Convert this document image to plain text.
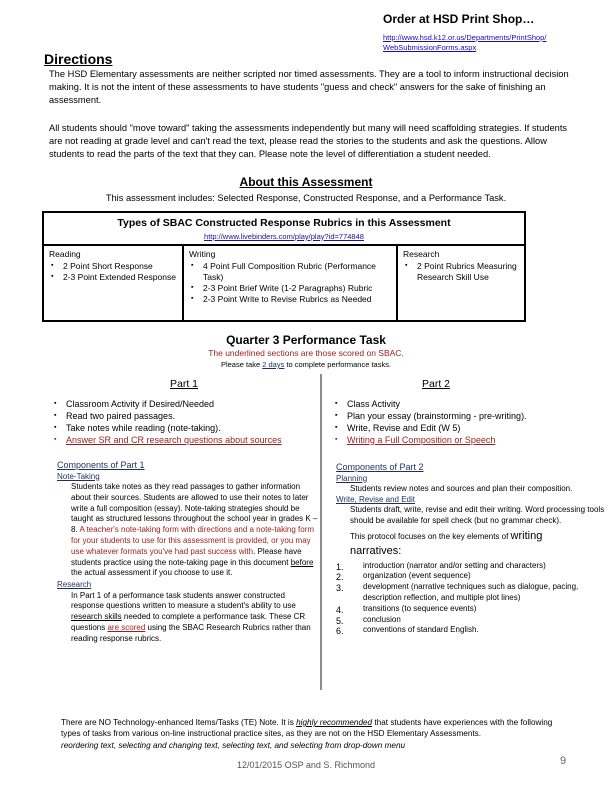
Order at HSD Print Shop…
http://www.hsd.k12.or.us/Departments/PrintShop/
WebSubmissionForms.aspx
Directions

The HSD Elementary assessments are neither scripted nor timed assessments. They are a tool to inform instructional decision making. It is not the intent of these assessments to have students "guess and check" answers for the sake of finishing an assessment.

All students should "move toward" taking the assessments independently but many will need scaffolding strategies. If students are not reading at grade level and can't read the text, please read the stories to the students and ask the questions. Allow students to read the parts of the text that they can. Please note the level of differentiation a student needed.

About this Assessment
This assessment includes: Selected Response, Constructed Response, and a Performance Task.
Types of SBAC Constructed Response Rubrics in this Assessment
http://www.livebinders.com/play/play?id=774848
Reading
▪ 2 Point Short Response
▪ 2-3 Point Extended Response
Writing
▪ 4 Point Full Composition Rubric (Performance Task)
▪ 2-3 Point Brief Write (1-2 Paragraphs) Rubric
▪ 2-3 Point Write to Revise Rubrics as Needed
Research
▪ 2 Point Rubrics Measuring Research Skill Use
Quarter 3 Performance Task
The underlined sections are those scored on SBAC.
Please take 2 days to complete performance tasks.
Part 1
▪ Classroom Activity if Desired/Needed
▪ Read two paired passages.
▪ Take notes while reading (note-taking).
▪ Answer SR and CR research questions about sources
Components of Part 1
Note-Taking
Students take notes as they read passages to gather information about their sources. Students are allowed to use their notes to later write a full composition (essay). Note-taking strategies should be taught as structured lessons throughout the school year in grades K – 8. A teacher's note-taking form with directions and a note-taking form for your students to use for this assessment is provided, or you may use whatever formats you've had past success with. Please have students practice using the note-taking page in this document before the actual assessment if you choose to use it.
Research
In Part 1 of a performance task students answer constructed response questions written to measure a student's ability to use research skills needed to complete a performance task. These CR questions are scored using the SBAC Research Rubrics rather than reading response rubrics.
Part 2
▪ Class Activity
▪ Plan your essay (brainstorming - pre-writing).
▪ Write, Revise and Edit (W 5)
▪ Writing a Full Composition or Speech
Components of Part 2
Planning
Students review notes and sources and plan their composition.
Write, Revise and Edit
Students draft, write, revise and edit their writing. Word processing tools should be available for spell check (but no grammar check).
This protocol focuses on the key elements of writing
narratives:
1. introduction (narrator and/or setting and characters)
2. organization (event sequence)
3. development (narrative techniques such as dialogue, pacing, description reflection, and multiple plot lines)
4. transitions (to sequence events)
5. conclusion
6. conventions of standard English.
There are NO Technology-enhanced Items/Tasks (TE) Note. It is highly recommended that students have experiences with the following types of tasks from various on-line instructional practice sites, as they are not on the HSD Elementary Assessments.
reordering text, selecting and changing text, selecting text, and selecting from drop-down menu
12/01/2015 OSP and S. Richmond	9
